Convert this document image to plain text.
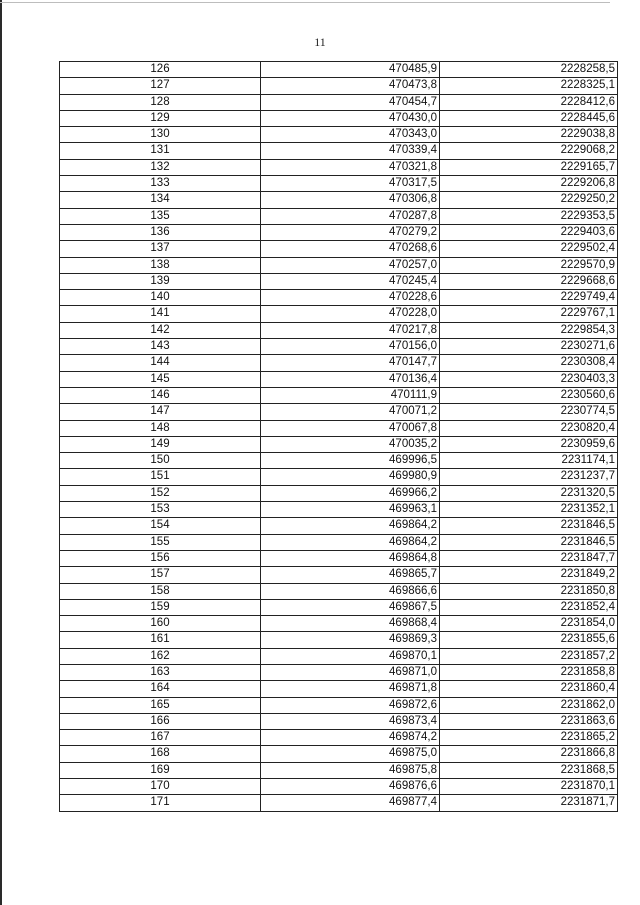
11
126	470485,9	2228258,5
127	470473,8	2228325,1
128	470454,7	2228412,6
129	470430,0	2228445,6
130	470343,0	2229038,8
131	470339,4	2229068,2
132	470321,8	2229165,7
133	470317,5	2229206,8
134	470306,8	2229250,2
135	470287,8	2229353,5
136	470279,2	2229403,6
137	470268,6	2229502,4
138	470257,0	2229570,9
139	470245,4	2229668,6
140	470228,6	2229749,4
141	470228,0	2229767,1
142	470217,8	2229854,3
143	470156,0	2230271,6
144	470147,7	2230308,4
145	470136,4	2230403,3
146	470111,9	2230560,6
147	470071,2	2230774,5
148	470067,8	2230820,4
149	470035,2	2230959,6
150	469996,5	2231174,1
151	469980,9	2231237,7
152	469966,2	2231320,5
153	469963,1	2231352,1
154	469864,2	2231846,5
155	469864,2	2231846,5
156	469864,8	2231847,7
157	469865,7	2231849,2
158	469866,6	2231850,8
159	469867,5	2231852,4
160	469868,4	2231854,0
161	469869,3	2231855,6
162	469870,1	2231857,2
163	469871,0	2231858,8
164	469871,8	2231860,4
165	469872,6	2231862,0
166	469873,4	2231863,6
167	469874,2	2231865,2
168	469875,0	2231866,8
169	469875,8	2231868,5
170	469876,6	2231870,1
171	469877,4	2231871,7
